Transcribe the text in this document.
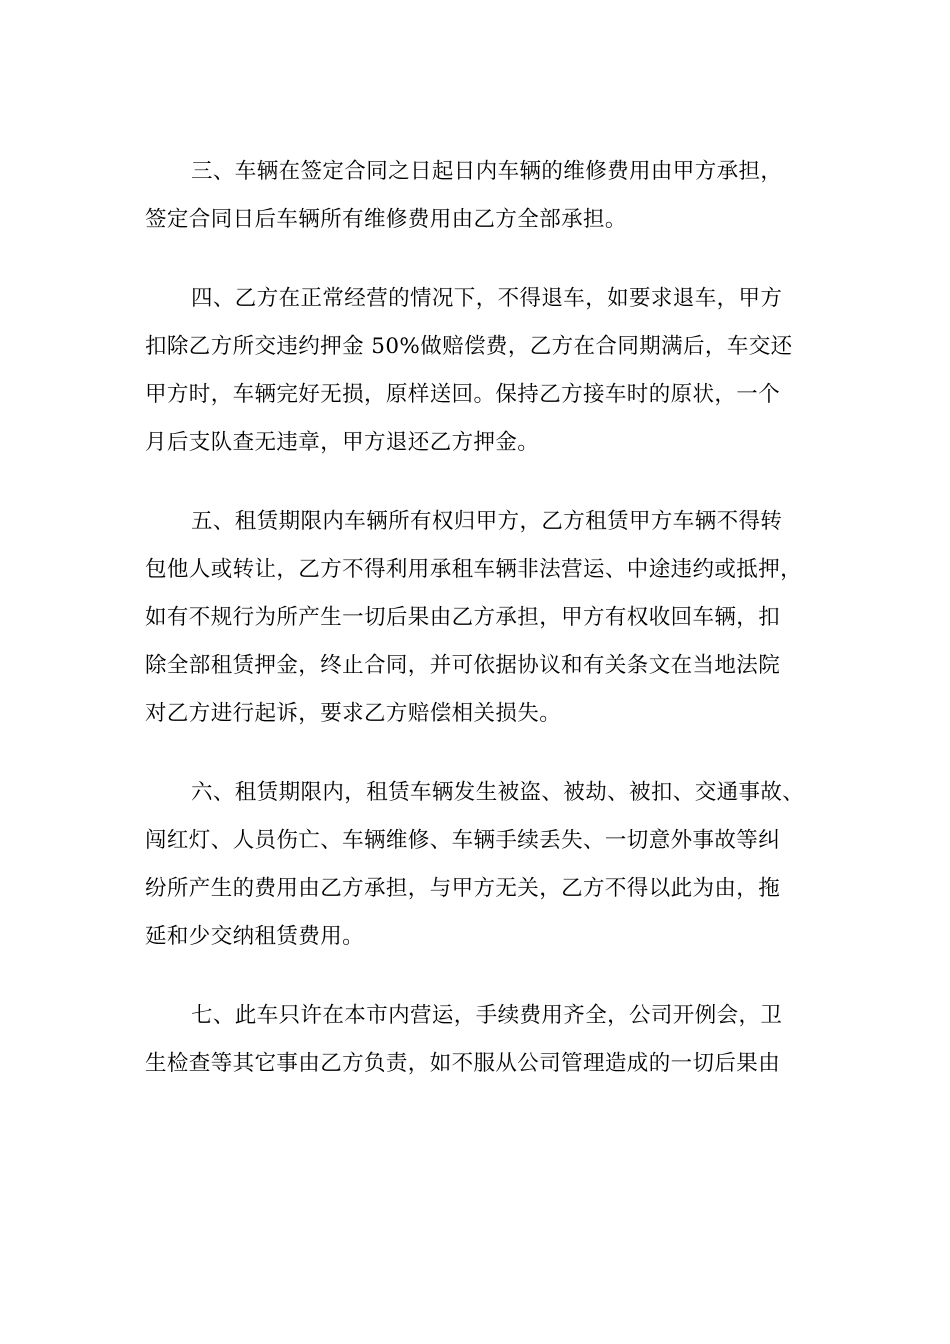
三、车辆在签定合同之日起日内车辆的维修费用由甲方承担，
签定合同日后车辆所有维修费用由乙方全部承担。
四、乙方在正常经营的情况下，不得退车，如要求退车，甲方
扣除乙方所交违约押金 50%做赔偿费，乙方在合同期满后，车交还
甲方时，车辆完好无损，原样送回。保持乙方接车时的原状，一个
月后支队查无违章，甲方退还乙方押金。
五、租赁期限内车辆所有权归甲方，乙方租赁甲方车辆不得转
包他人或转让，乙方不得利用承租车辆非法营运、中途违约或抵押，
如有不规行为所产生一切后果由乙方承担，甲方有权收回车辆，扣
除全部租赁押金，终止合同，并可依据协议和有关条文在当地法院
对乙方进行起诉，要求乙方赔偿相关损失。
六、租赁期限内，租赁车辆发生被盗、被劫、被扣、交通事故、
闯红灯、人员伤亡、车辆维修、车辆手续丢失、一切意外事故等纠
纷所产生的费用由乙方承担，与甲方无关，乙方不得以此为由，拖
延和少交纳租赁费用。
七、此车只许在本市内营运，手续费用齐全，公司开例会，卫
生检查等其它事由乙方负责，如不服从公司管理造成的一切后果由
